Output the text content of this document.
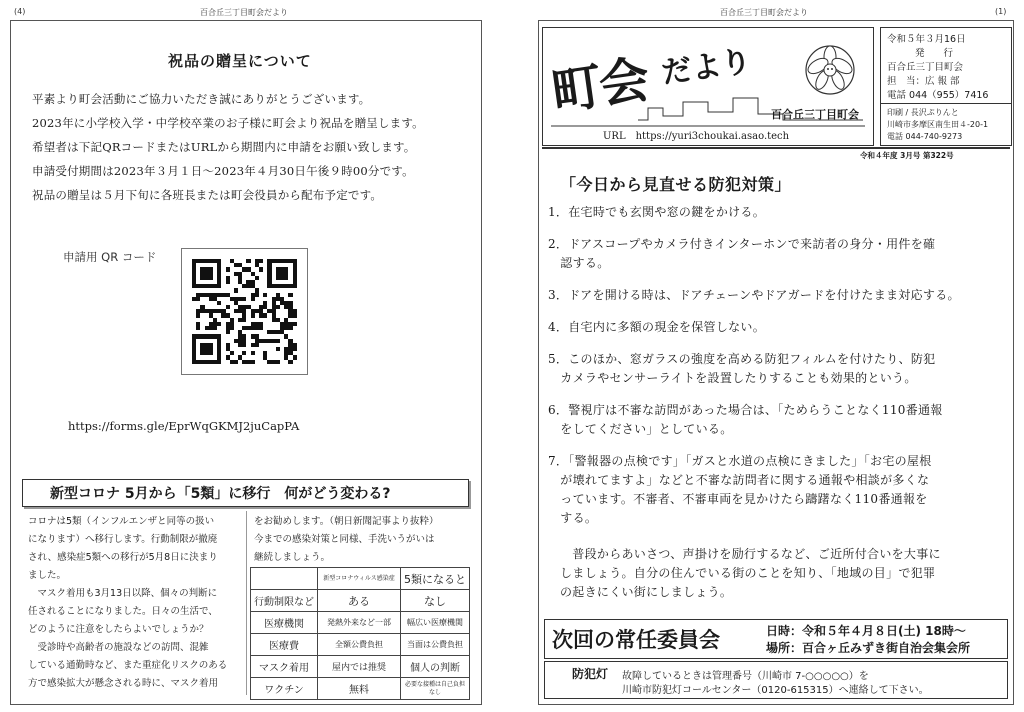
(4)	百合丘三丁目町会だより
祝品の贈呈について
平素より町会活動にご協力いただき誠にありがとうございます。
2023年に小学校入学・中学校卒業のお子様に町会より祝品を贈呈します。
希望者は下記QRコードまたはURLから期間内に申請をお願い致します。
申請受付期間は2023年３月１日～2023年４月30日午後９時00分です。
祝品の贈呈は５月下旬に各班長または町会役員から配布予定です。
申請用 QR コード
https://forms.gle/EprWqGKMJ2juCapPA
新型コロナ 5月から「5類」に移行　何がどう変わる?
コロナは5類（インフルエンザと同等の扱い
になります）へ移行します。行動制限が撤廃
され、感染症5類への移行が5月8日に決まり
ました。
　マスク着用も3月13日以降、個々の判断に
任されることになりました。日々の生活で、
どのように注意をしたらよいでしょうか？
　受診時や高齢者の施設などの訪問、混雑
している通勤時など、また重症化リスクのある
方で感染拡大が懸念される時に、マスク着用
をお勧めします。（朝日新聞記事より抜粋）
今までの感染対策と同様、手洗いうがいは
継続しましょう。
	新型コロナウィルス感染症	5類になると
行動制限など	ある	なし
医療機関	発熱外来など一部	幅広い医療機関
医療費	全額公費負担	当面は公費負担
マスク着用	屋内では推奨	個人の判断
ワクチン	無料	必要な接種は自己負担なし
百合丘三丁目町会だより	(1)
町会 だより
百合丘三丁目町会
URL　https://yuri3choukai.asao.tech
令和５年３月16日
発　　行
百合丘三丁目町会
担　当：広 報 部
電話 044（955）7416
印刷 / 長沢ぷりんと
川崎市多摩区南生田４-20-1
電話 044-740-9273
令和４年度 3月号 第322号
「今日から見直せる防犯対策」
1．在宅時でも玄関や窓の鍵をかける。
2．ドアスコープやカメラ付きインターホンで来訪者の身分・用件を確
　認する。
3．ドアを開ける時は、ドアチェーンやドアガードを付けたまま対応する。
4．自宅内に多額の現金を保管しない。
5．このほか、窓ガラスの強度を高める防犯フィルムを付けたり、防犯
　カメラやセンサーライトを設置したりすることも効果的という。
6．警視庁は不審な訪問があった場合は、「ためらうことなく110番通報
　をしてください」としている。
7．「警報器の点検です」「ガスと水道の点検にきました」「お宅の屋根
　が壊れてますよ」などと不審な訪問者に関する通報や相談が多くな
　っています。不審者、不審車両を見かけたら躊躇なく110番通報を
　する。
　普段からあいさつ、声掛けを励行するなど、ご近所付合いを大事に
しましょう。自分の住んでいる街のことを知り、「地域の目」で犯罪
の起きにくい街にしましょう。
次回の常任委員会	日時：令和５年４月８日(土) 18時～
場所：百合ヶ丘みずき街自治会集会所
防犯灯 故障しているときは管理番号（川崎市 7-○○○○○）を
川崎市防犯灯コールセンター（0120-615315）へ連絡して下さい。
